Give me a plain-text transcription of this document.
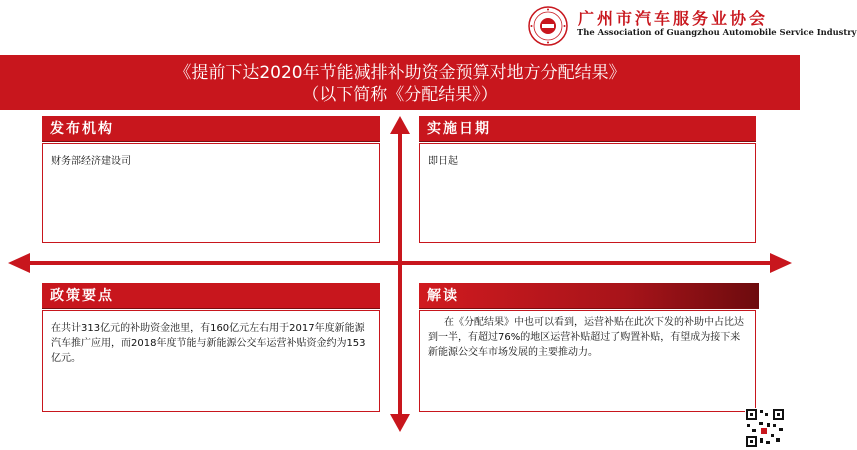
广州市汽车服务业协会
The Association of Guangzhou Automobile Service Industry
《提前下达2020年节能减排补助资金预算对地方分配结果》
（以下简称《分配结果》）
发布机构

财务部经济建设司

实施日期

即日起

政策要点

在共计313亿元的补助资金池里，有160亿元左右用于2017年度新能源汽车推广应用，而2018年度节能与新能源公交车运营补贴资金约为153亿元。

解读

在《分配结果》中也可以看到，运营补贴在此次下发的补助中占比达到一半，有超过76%的地区运营补贴超过了购置补贴，有望成为接下来新能源公交车市场发展的主要推动力。
